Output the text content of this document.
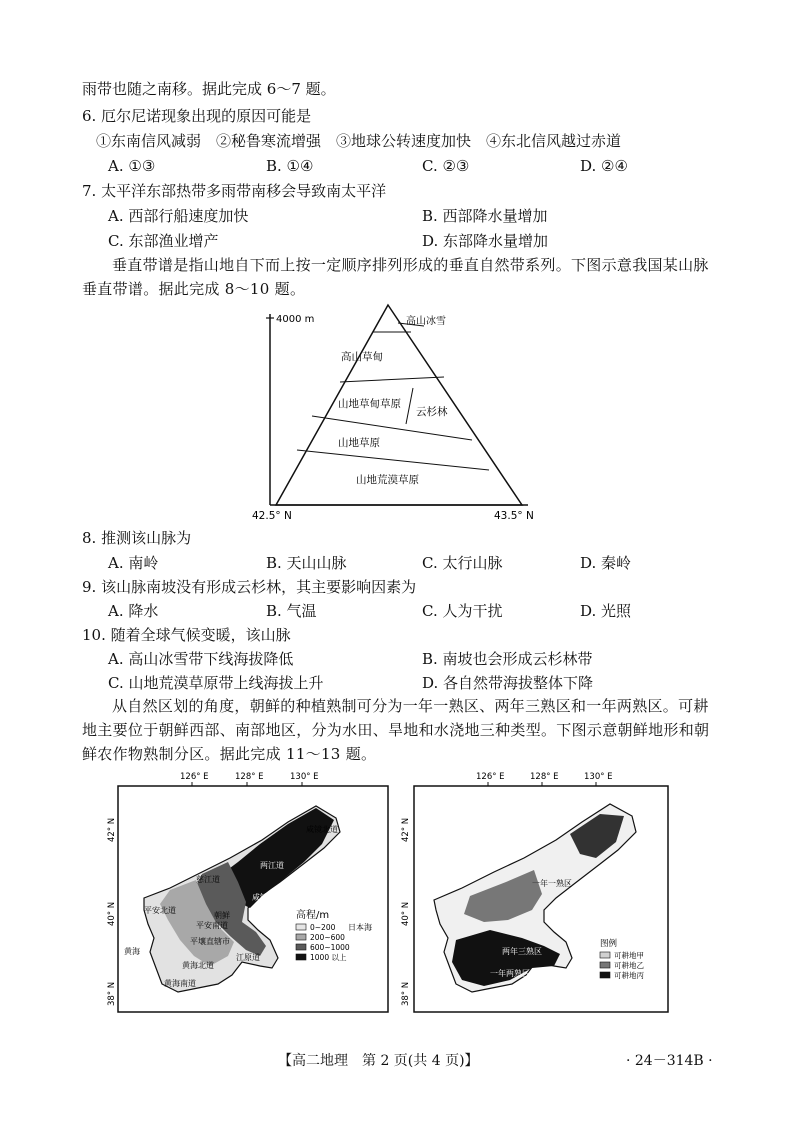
雨带也随之南移。据此完成 6～7 题。
6. 厄尔尼诺现象出现的原因可能是
①东南信风减弱　②秘鲁寒流增强　③地球公转速度加快　④东北信风越过赤道
A. ①③	B. ①④	C. ②③	D. ②④
7. 太平洋东部热带多雨带南移会导致南太平洋
A. 西部行船速度加快	B. 西部降水量增加
C. 东部渔业增产	D. 东部降水量增加
垂直带谱是指山地自下而上按一定顺序排列形成的垂直自然带系列。下图示意我国某山脉垂直带谱。据此完成 8～10 题。
4000 m	高山冰雪
高山草甸
山地草甸草原
云杉林
山地草原
山地荒漠草原
42.5° N	43.5° N
8. 推测该山脉为
A. 南岭	B. 天山山脉	C. 太行山脉	D. 秦岭
9. 该山脉南坡没有形成云杉林，其主要影响因素为
A. 降水	B. 气温	C. 人为干扰	D. 光照
10. 随着全球气候变暖，该山脉
A. 高山冰雪带下线海拔降低	B. 南坡也会形成云杉林带
C. 山地荒漠草原带上线海拔上升	D. 各自然带海拔整体下降
从自然区划的角度，朝鲜的种植熟制可分为一年一熟区、两年三熟区和一年两熟区。可耕地主要位于朝鲜西部、南部地区，分为水田、旱地和水浇地三种类型。下图示意朝鲜地形和朝鲜农作物熟制分区。据此完成 11～13 题。
126° E	128° E	130° E
42° N
40° N
38° N
咸镜北道
两江道
慈江道
咸镜南道
平安北道
平安南道
朝鲜
平壤直辖市
江原道
黄海北道
黄海南道
黄海
日本海
高程/m
0~200
200~600
600~1000
1000 以上
126° E	128° E	130° E
42° N
40° N
38° N
一年一熟区
两年三熟区
一年两熟区
图例
可耕地甲
可耕地乙
可耕地丙
【高二地理　第 2 页(共 4 页)】	· 24－314B ·
